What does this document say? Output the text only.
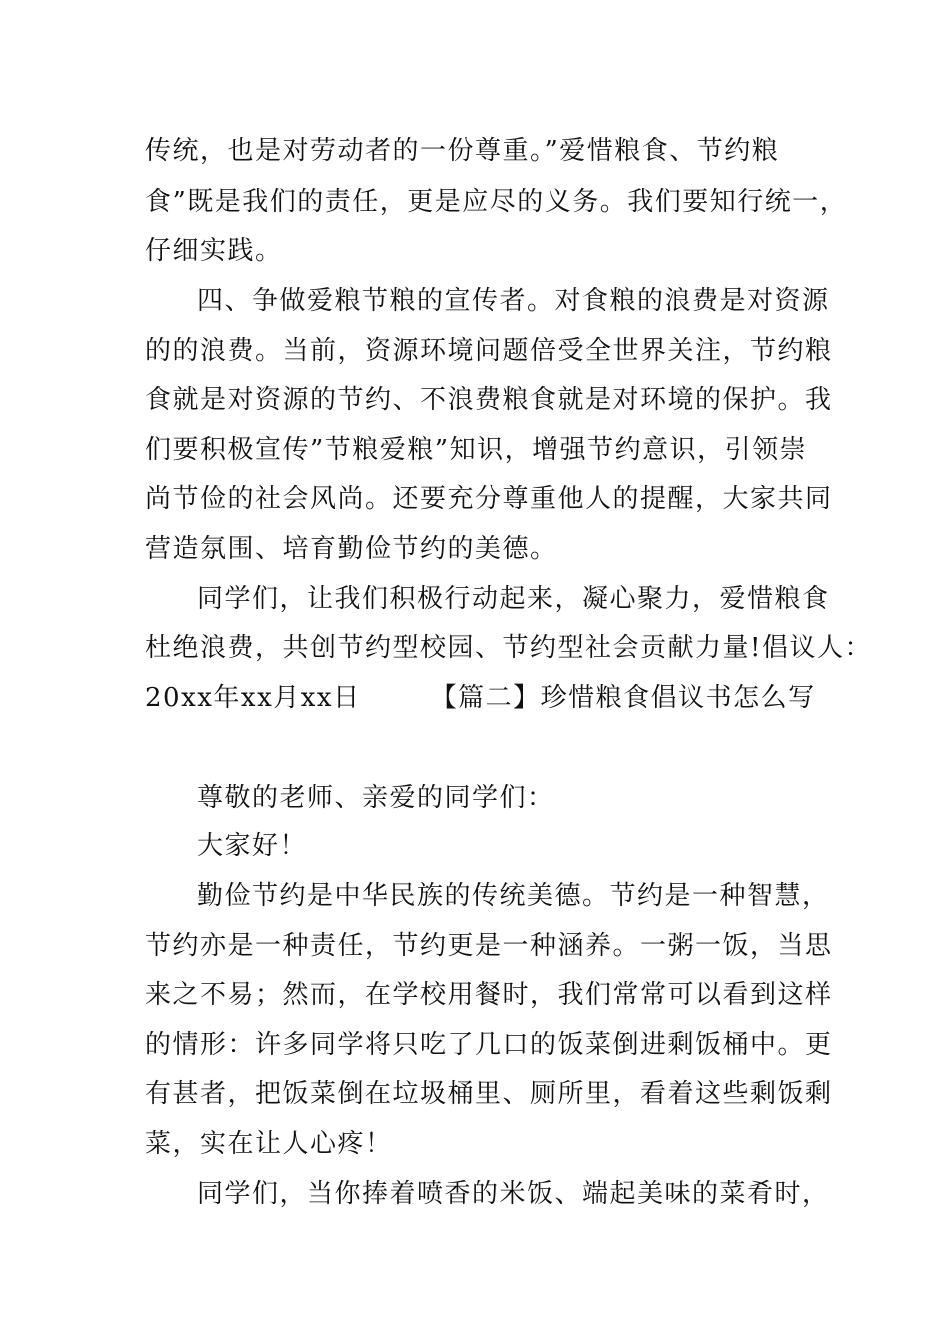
传统，也是对劳动者的一份尊重。”爱惜粮食、节约粮
食”既是我们的责任，更是应尽的义务。我们要知行统一，
仔细实践。
四、争做爱粮节粮的宣传者。对食粮的浪费是对资源
的的浪费。当前，资源环境问题倍受全世界关注，节约粮
食就是对资源的节约、不浪费粮食就是对环境的保护。我
们要积极宣传”节粮爱粮”知识，增强节约意识，引领崇
尚节俭的社会风尚。还要充分尊重他人的提醒，大家共同
营造氛围、培育勤俭节约的美德。
同学们，让我们积极行动起来，凝心聚力，爱惜粮食
杜绝浪费，共创节约型校园、节约型社会贡献力量!倡议人：
20xx年xx月xx日	【篇二】珍惜粮食倡议书怎么写
尊敬的老师、亲爱的同学们：
大家好！
勤俭节约是中华民族的传统美德。节约是一种智慧，
节约亦是一种责任，节约更是一种涵养。一粥一饭，当思
来之不易；然而，在学校用餐时，我们常常可以看到这样
的情形：许多同学将只吃了几口的饭菜倒进剩饭桶中。更
有甚者，把饭菜倒在垃圾桶里、厕所里，看着这些剩饭剩
菜，实在让人心疼！
同学们，当你捧着喷香的米饭、端起美味的菜肴时，
